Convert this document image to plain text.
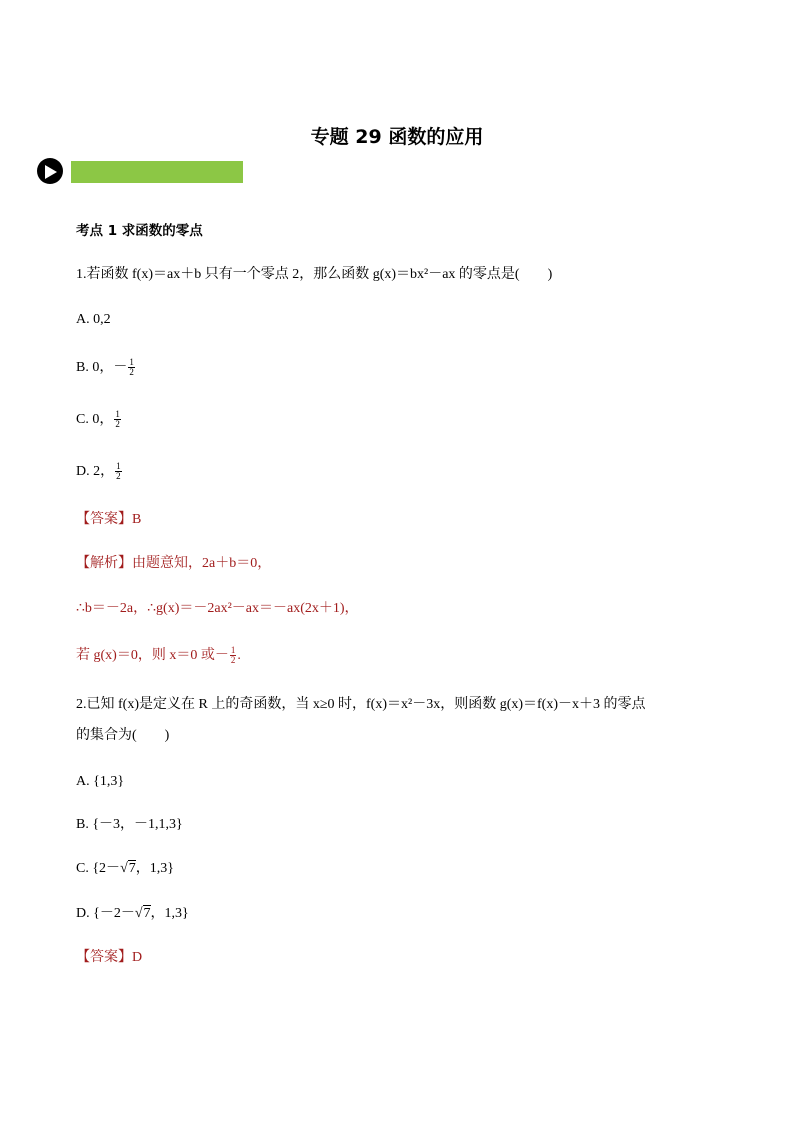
专题 29 函数的应用
考点 1 求函数的零点
1.若函数 f(x)＝ax＋b 只有一个零点 2，那么函数 g(x)＝bx²－ax 的零点是(　　)
A. 0,2
B. 0，－ $\frac{1}{2}$
C. 0， $\frac{1}{2}$
D. 2， $\frac{1}{2}$
【答案】B
【解析】由题意知，2a＋b＝0，
∴b＝－2a，∴g(x)＝－2ax²－ax＝－ax(2x＋1)，
若 g(x)＝0，则 x＝0 或－ $\frac{1}{2}$ .
2.已知 f(x)是定义在 R 上的奇函数，当 x≥0 时，f(x)＝x²－3x，则函数 g(x)＝f(x)－x＋3 的零点
的集合为(　　)
A. {1,3}
B. {－3，－1,1,3}
C. {2－√7，1,3}
D. {－2－√7，1,3}
【答案】D
